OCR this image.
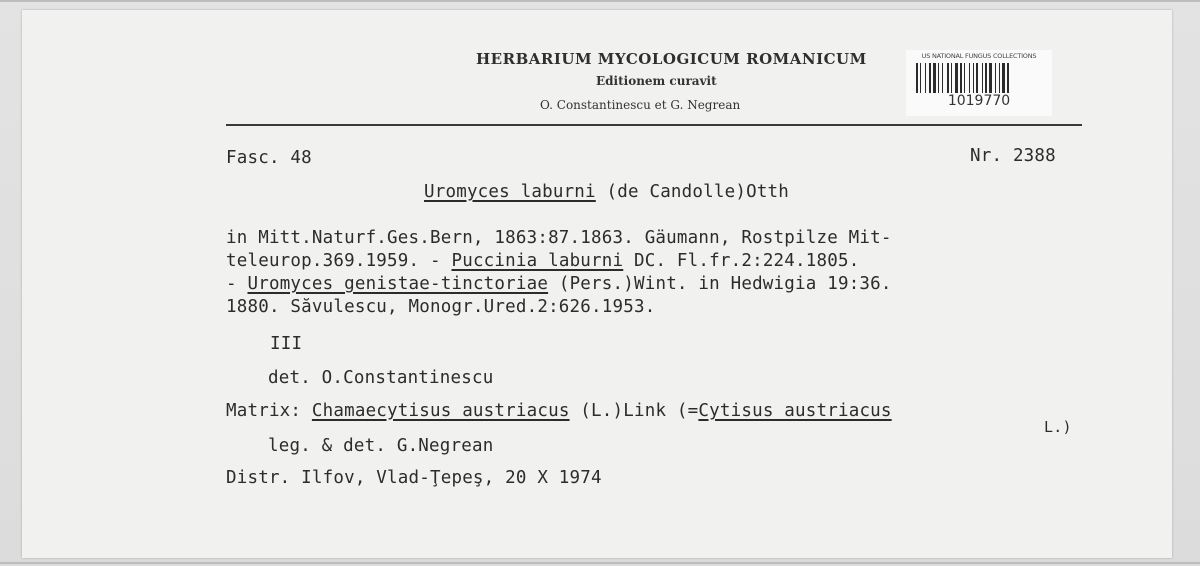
HERBARIUM MYCOLOGICUM ROMANICUM
Editionem curavit
O. Constantinescu et G. Negrean
US NATIONAL FUNGUS COLLECTIONS
1019770
Fasc. 48	Nr. 2388
Uromyces laburni (de Candolle)Otth
in Mitt.Naturf.Ges.Bern, 1863:87.1863. Gäumann, Rostpilze Mit-
teleurop.369.1959. - Puccinia laburni DC. Fl.fr.2:224.1805.
- Uromyces genistae-tinctoriae (Pers.)Wint. in Hedwigia 19:36.
1880. Săvulescu, Monogr.Ured.2:626.1953.
III
det. O.Constantinescu
Matrix: Chamaecytisus austriacus (L.)Link (=Cytisus austriacus
L.)
leg. & det. G.Negrean
Distr. Ilfov, Vlad-Ţepeş, 20 X 1974
